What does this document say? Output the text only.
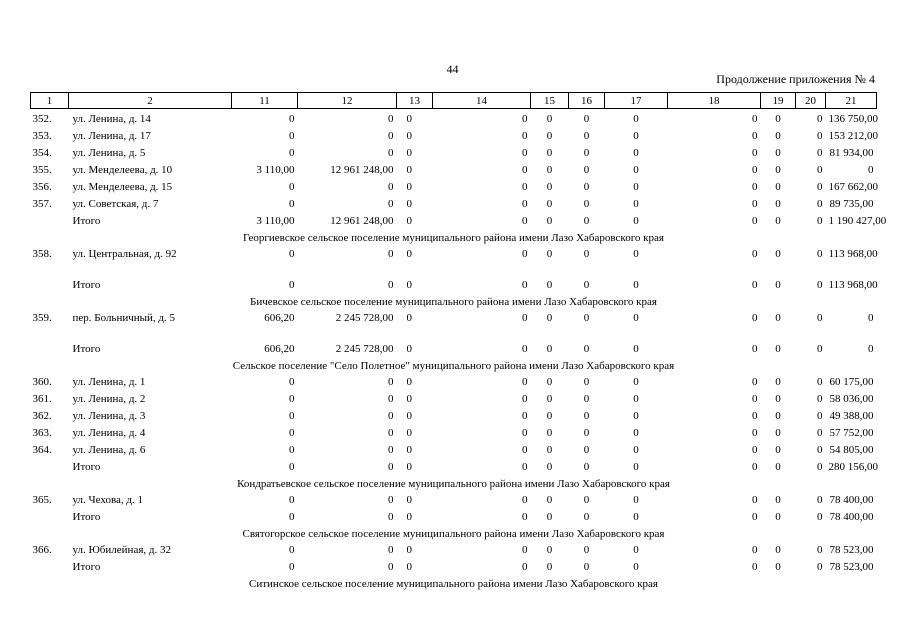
44
Продолжение приложения № 4
1	2	11	12	13	14	15	16	17	18	19	20	21
352.	ул. Ленина, д. 14	0	0	0	0	0	0	0	0	0	0	136 750,00
353.	ул. Ленина, д. 17	0	0	0	0	0	0	0	0	0	0	153 212,00
354.	ул. Ленина, д. 5	0	0	0	0	0	0	0	0	0	0	81 934,00
355.	ул. Менделеева, д. 10	3 110,00	12 961 248,00	0	0	0	0	0	0	0	0	0
356.	ул. Менделеева, д. 15	0	0	0	0	0	0	0	0	0	0	167 662,00
357.	ул. Советская, д. 7	0	0	0	0	0	0	0	0	0	0	89 735,00
	Итого	3 110,00	12 961 248,00	0	0	0	0	0	0	0	0	1 190 427,00
Георгиевское сельское поселение муниципального района имени Лазо Хабаровского края												
358.	ул. Центральная, д. 92	0	0	0	0	0	0	0	0	0	0	113 968,00
	Итого	0	0	0	0	0	0	0	0	0	0	113 968,00
Бичевское сельское поселение муниципального района имени Лазо Хабаровского края												
359.	пер. Больничный, д. 5	606,20	2 245 728,00	0	0	0	0	0	0	0	0	0
	Итого	606,20	2 245 728,00	0	0	0	0	0	0	0	0	0
Сельское поселение "Село Полетное" муниципального района имени Лазо Хабаровского края												
360.	ул. Ленина, д. 1	0	0	0	0	0	0	0	0	0	0	60 175,00
361.	ул. Ленина, д. 2	0	0	0	0	0	0	0	0	0	0	58 036,00
362.	ул. Ленина, д. 3	0	0	0	0	0	0	0	0	0	0	49 388,00
363.	ул. Ленина, д. 4	0	0	0	0	0	0	0	0	0	0	57 752,00
364.	ул. Ленина, д. 6	0	0	0	0	0	0	0	0	0	0	54 805,00
	Итого	0	0	0	0	0	0	0	0	0	0	280 156,00
Кондратьевское сельское поселение муниципального района имени Лазо Хабаровского края												
365.	ул. Чехова, д. 1	0	0	0	0	0	0	0	0	0	0	78 400,00
	Итого	0	0	0	0	0	0	0	0	0	0	78 400,00
Святогорское сельское поселение муниципального района имени Лазо Хабаровского края												
366.	ул. Юбилейная, д. 32	0	0	0	0	0	0	0	0	0	0	78 523,00
	Итого	0	0	0	0	0	0	0	0	0	0	78 523,00
Ситинское сельское поселение муниципального района имени Лазо Хабаровского края												
